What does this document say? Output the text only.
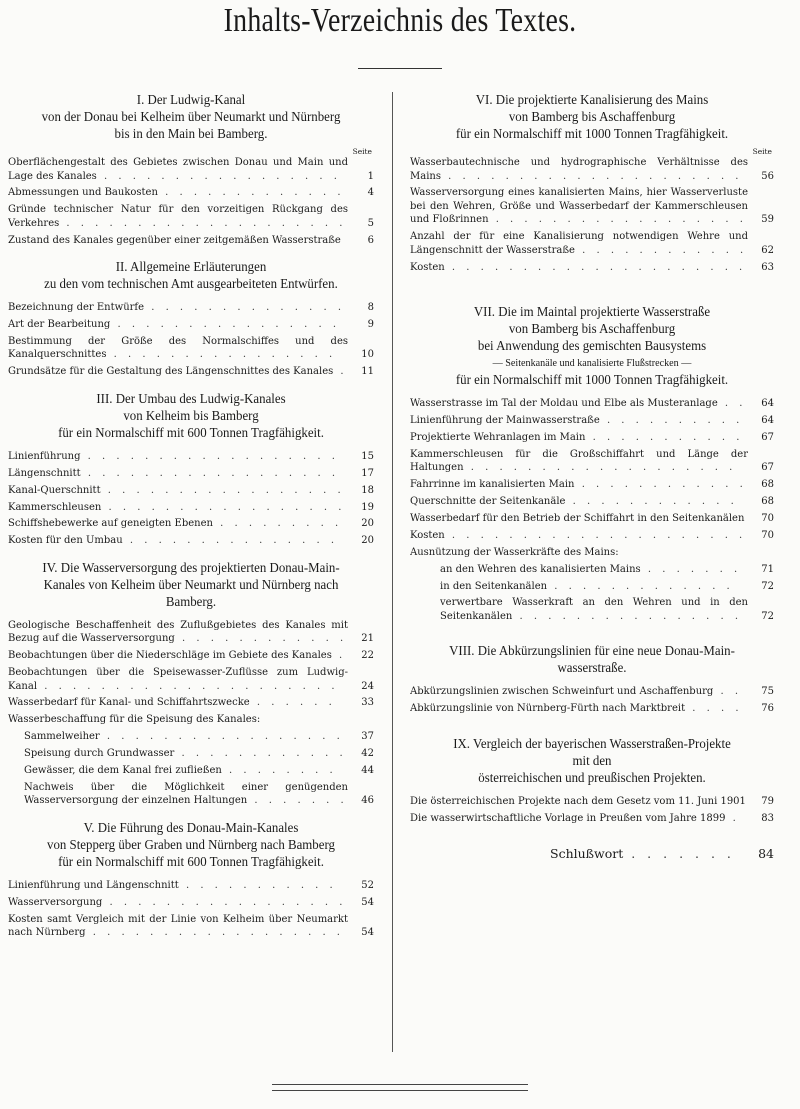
Inhalts-Verzeichnis des Textes.
I. Der Ludwig-Kanal
von der Donau bei Kelheim über Neumarkt und Nürnberg
bis in den Main bei Bamberg.
Seite
Oberflächengestalt des Gebietes zwischen Donau und Main und Lage des Kanales . . . . . . . . . . . . . . . . .	1
Abmessungen und Baukosten . . . . . . . . . . . . .	4
Gründe technischer Natur für den vorzeitigen Rückgang des Verkehres . . . . . . . . . . . . . . . . . . . .	5
Zustand des Kanales gegenüber einer zeitgemäßen Wasserstraße	6
II. Allgemeine Erläuterungen
zu den vom technischen Amt ausgearbeiteten Entwürfen.
Bezeichnung der Entwürfe . . . . . . . . . . . . . .	8
Art der Bearbeitung . . . . . . . . . . . . . . . .	9
Bestimmung der Größe des Normalschiffes und des Kanalquerschnittes . . . . . . . . . . . . . . . .	10
Grundsätze für die Gestaltung des Längenschnittes des Kanales .	11
III. Der Umbau des Ludwig-Kanales
von Kelheim bis Bamberg
für ein Normalschiff mit 600 Tonnen Tragfähigkeit.
Linienführung . . . . . . . . . . . . . . . . . .	15
Längenschnitt . . . . . . . . . . . . . . . . . .	17
Kanal-Querschnitt . . . . . . . . . . . . . . . . .	18
Kammerschleusen . . . . . . . . . . . . . . . . .	19
Schiffshebewerke auf geneigten Ebenen . . . . . . . . .	20
Kosten für den Umbau . . . . . . . . . . . . . . .	20
IV. Die Wasserversorgung des projektierten Donau-Main-
Kanales von Kelheim über Neumarkt und Nürnberg nach
Bamberg.
Geologische Beschaffenheit des Zuflußgebietes des Kanales mit Bezug auf die Wasserversorgung . . . . . . . . . . . .	21
Beobachtungen über die Niederschläge im Gebiete des Kanales .	22
Beobachtungen über die Speisewasser-Zuflüsse zum Ludwig-Kanal . . . . . . . . . . . . . . . . . . . . .	24
Wasserbedarf für Kanal- und Schiffahrtszwecke . . . . . .	33
Wasserbeschaffung für die Speisung des Kanales:
Sammelweiher . . . . . . . . . . . . . . . . .	37
Speisung durch Grundwasser . . . . . . . . . . . .	42
Gewässer, die dem Kanal frei zufließen . . . . . . . .	44
Nachweis über die Möglichkeit einer genügenden Wasserversorgung der einzelnen Haltungen . . . . . . .	46
V. Die Führung des Donau-Main-Kanales
von Stepperg über Graben und Nürnberg nach Bamberg
für ein Normalschiff mit 600 Tonnen Tragfähigkeit.
Linienführung und Längenschnitt . . . . . . . . . . .	52
Wasserversorgung . . . . . . . . . . . . . . . . .	54
Kosten samt Vergleich mit der Linie von Kelheim über Neumarkt nach Nürnberg . . . . . . . . . . . . . . . . . .	54
VI. Die projektierte Kanalisierung des Mains
von Bamberg bis Aschaffenburg
für ein Normalschiff mit 1000 Tonnen Tragfähigkeit.
Seite
Wasserbautechnische und hydrographische Verhältnisse des Mains . . . . . . . . . . . . . . . . . . . . .	56
Wasserversorgung eines kanalisierten Mains, hier Wasserverluste bei den Wehren, Größe und Wasserbedarf der Kammerschleusen und Floßrinnen . . . . . . . . . . . . . . . . . .	59
Anzahl der für eine Kanalisierung notwendigen Wehre und Längenschnitt der Wasserstraße . . . . . . . . . . . .	62
Kosten . . . . . . . . . . . . . . . . . . . . .	63
VII. Die im Maintal projektierte Wasserstraße
von Bamberg bis Aschaffenburg
bei Anwendung des gemischten Bausystems
— Seitenkanäle und kanalisierte Flußstrecken —
für ein Normalschiff mit 1000 Tonnen Tragfähigkeit.
Wasserstrasse im Tal der Moldau und Elbe als Musteranlage . .	64
Linienführung der Mainwasserstraße . . . . . . . . . .	64
Projektierte Wehranlagen im Main . . . . . . . . . . .	67
Kammerschleusen für die Großschiffahrt und Länge der Haltungen . . . . . . . . . . . . . . . . . . .	67
Fahrrinne im kanalisierten Main . . . . . . . . . . . .	68
Querschnitte der Seitenkanäle . . . . . . . . . . . .	68
Wasserbedarf für den Betrieb der Schiffahrt in den Seitenkanälen	70
Kosten . . . . . . . . . . . . . . . . . . . . .	70
Ausnützung der Wasserkräfte des Mains:
an den Wehren des kanalisierten Mains . . . . . . .	71
in den Seitenkanälen . . . . . . . . . . . . .	72
verwertbare Wasserkraft an den Wehren und in den Seitenkanälen . . . . . . . . . . . . . . . .	72
VIII. Die Abkürzungslinien für eine neue Donau-Main-
wasserstraße.
Abkürzungslinien zwischen Schweinfurt und Aschaffenburg . .	75
Abkürzungslinie von Nürnberg-Fürth nach Marktbreit . . . .	76
IX. Vergleich der bayerischen Wasserstraßen-Projekte
mit den
österreichischen und preußischen Projekten.
Die österreichischen Projekte nach dem Gesetz vom 11. Juni 1901	79
Die wasserwirtschaftliche Vorlage in Preußen vom Jahre 1899 .	83
Schlußwort . . . . . . .	84
